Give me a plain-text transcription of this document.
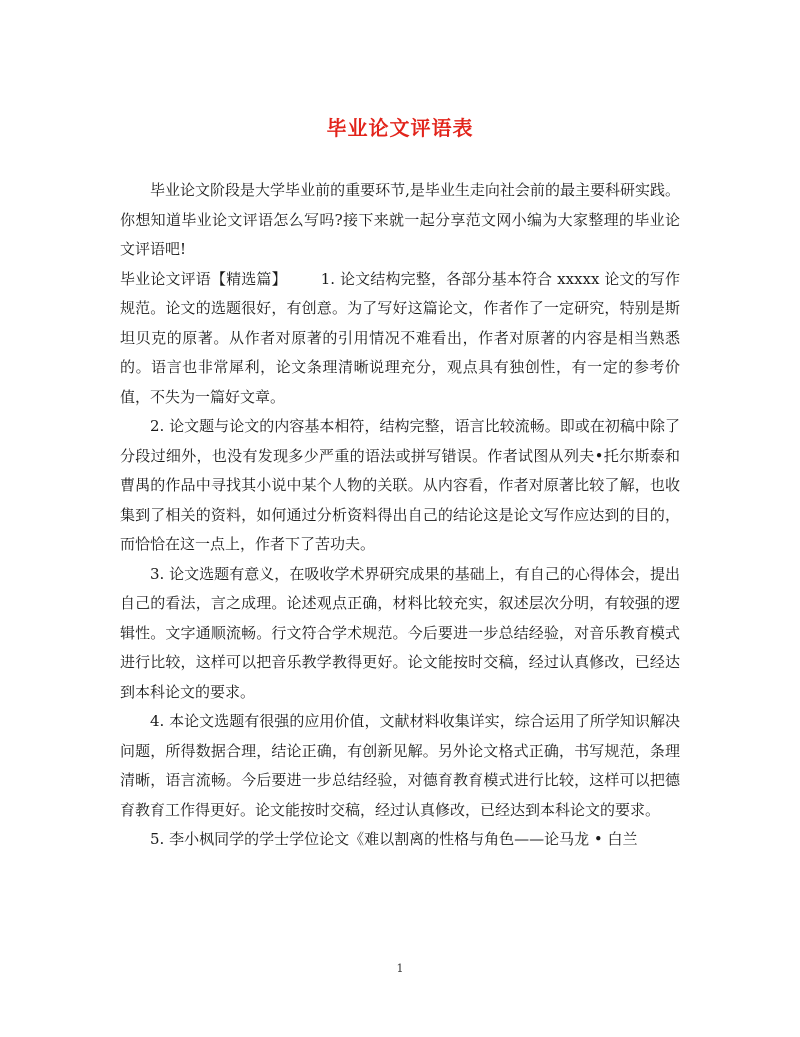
毕业论文评语表

毕业论文阶段是大学毕业前的重要环节,是毕业生走向社会前的最主要科研实践。你想知道毕业论文评语怎么写吗?接下来就一起分享范文网小编为大家整理的毕业论文评语吧!

毕业论文评语【精选篇】 1. 论文结构完整，各部分基本符合 xxxxx 论文的写作规范。论文的选题很好，有创意。为了写好这篇论文，作者作了一定研究，特别是斯坦贝克的原著。从作者对原著的引用情况不难看出，作者对原著的内容是相当熟悉的。语言也非常犀利，论文条理清晰说理充分，观点具有独创性，有一定的参考价值，不失为一篇好文章。

2. 论文题与论文的内容基本相符，结构完整，语言比较流畅。即或在初稿中除了分段过细外，也没有发现多少严重的语法或拼写错误。作者试图从列夫•托尔斯泰和曹禺的作品中寻找其小说中某个人物的关联。从内容看，作者对原著比较了解，也收集到了相关的资料，如何通过分析资料得出自己的结论这是论文写作应达到的目的，而恰恰在这一点上，作者下了苦功夫。

3. 论文选题有意义，在吸收学术界研究成果的基础上，有自己的心得体会，提出自己的看法，言之成理。论述观点正确，材料比较充实，叙述层次分明，有较强的逻辑性。文字通顺流畅。行文符合学术规范。今后要进一步总结经验，对音乐教育模式进行比较，这样可以把音乐教学教得更好。论文能按时交稿，经过认真修改，已经达到本科论文的要求。

4. 本论文选题有很强的应用价值，文献材料收集详实，综合运用了所学知识解决问题，所得数据合理，结论正确，有创新见解。另外论文格式正确，书写规范，条理清晰，语言流畅。今后要进一步总结经验，对德育教育模式进行比较，这样可以把德育教育工作得更好。论文能按时交稿，经过认真修改，已经达到本科论文的要求。

5. 李小枫同学的学士学位论文《难以割离的性格与角色——论马龙 • 白兰

1
